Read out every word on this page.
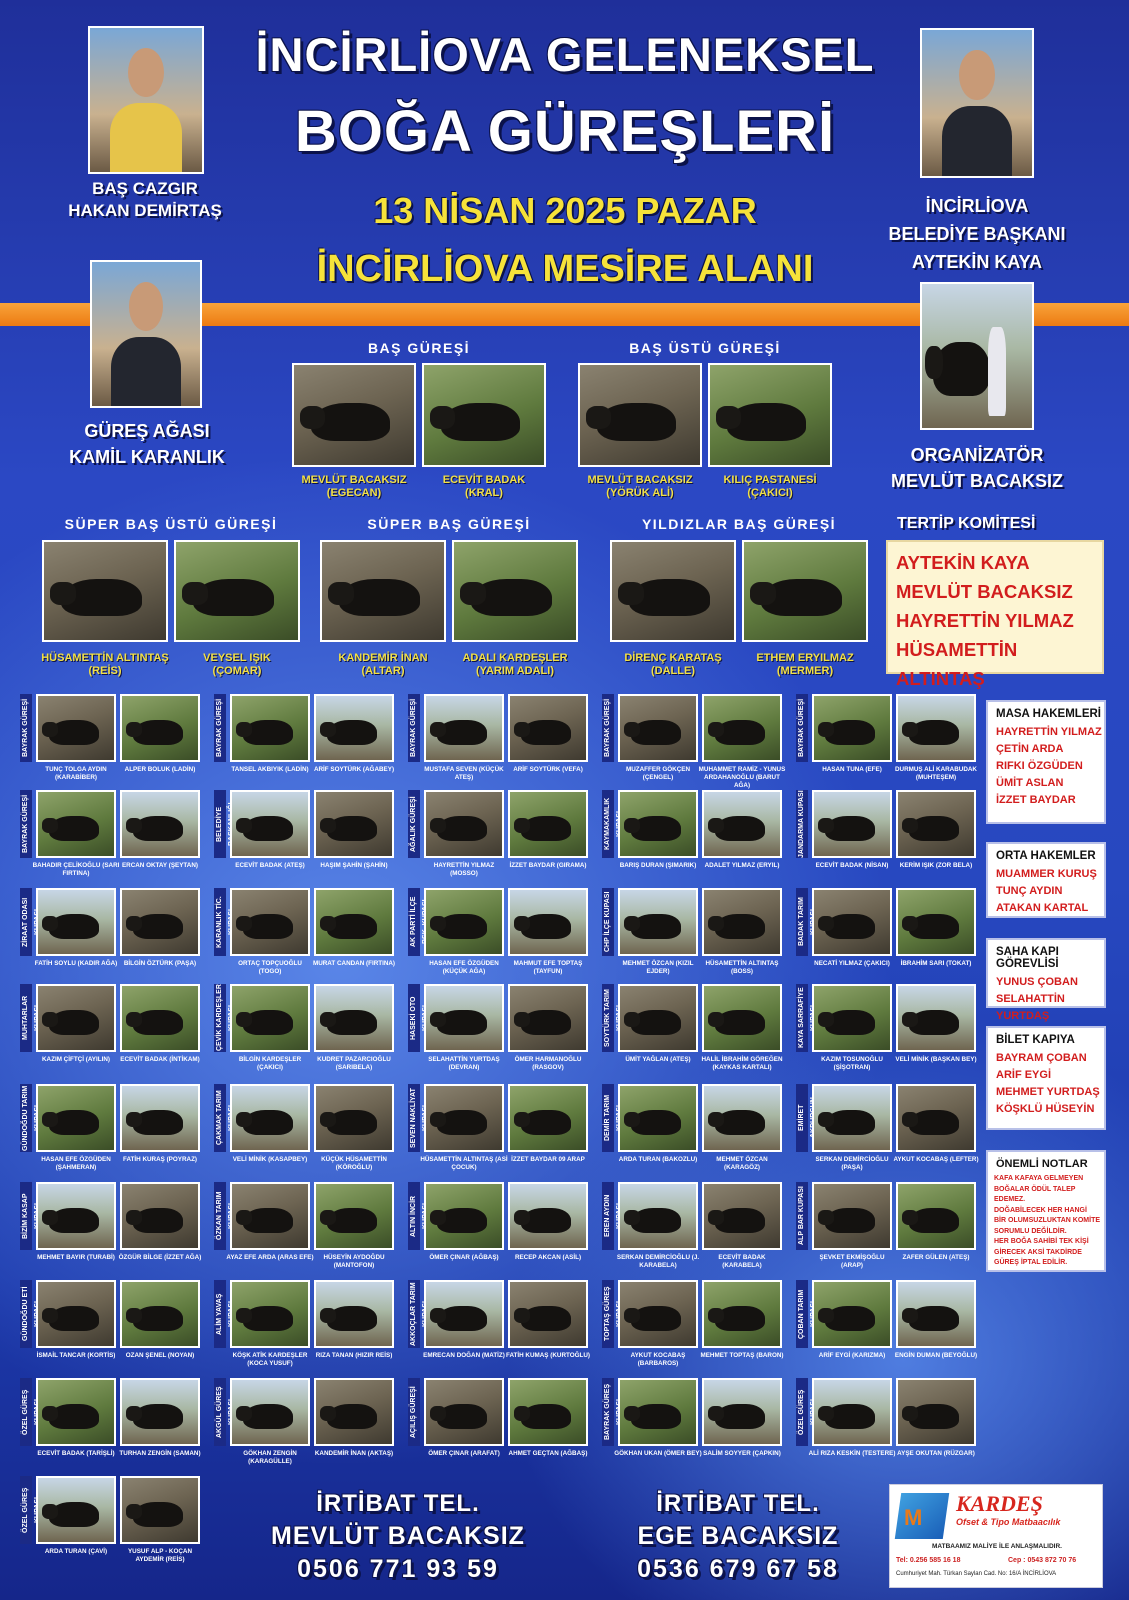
İNCİRLİOVA GELENEKSEL
BOĞA GÜREŞLERİ
13 NİSAN 2025 PAZAR
İNCİRLİOVA MESİRE ALANI
BAŞ CAZGIR
HAKAN DEMİRTAŞ	İNCİRLİOVA
BELEDİYE BAŞKANI
AYTEKİN KAYA
GÜREŞ AĞASI
KAMİL KARANLIK	ORGANİZATÖR
MEVLÜT BACAKSIZ
BAŞ GÜREŞİ
MEVLÜT BACAKSIZ
(EGECAN)
ECEVİT BADAK
(KRAL)
BAŞ ÜSTÜ GÜREŞİ
MEVLÜT BACAKSIZ
(YÖRÜK ALİ)
KILIÇ PASTANESİ
(ÇAKICI)
SÜPER BAŞ ÜSTÜ GÜREŞİ
HÜSAMETTİN ALTINTAŞ
(REİS)
VEYSEL IŞIK
(ÇOMAR)
SÜPER BAŞ GÜREŞİ
KANDEMİR İNAN
(ALTAR)
ADALI KARDEŞLER
(YARIM ADALI)
YILDIZLAR BAŞ GÜREŞİ
DİRENÇ KARATAŞ
(DALLE)
ETHEM ERYILMAZ
(MERMER)
TERTİP KOMİTESİ
AYTEKİN KAYA
MEVLÜT BACAKSIZ
HAYRETTİN YILMAZ
HÜSAMETTİN ALTINTAŞ
BAYRAK GÜREŞİ
TUNÇ TOLGA AYDIN (KARABİBER)
ALPER BOLUK (LADİN)
BAYRAK GÜREŞİ
TANSEL AKBIYIK (LADİN) ARİF SOYTÜRK (AĞABEY)
BAYRAK GÜREŞİ
MUSTAFA SEVEN (KÜÇÜK ATEŞ)
ARİF SOYTÜRK (VEFA)
BAYRAK GÜREŞİ
MUZAFFER GÖKÇEN (ÇENGEL)
MUHAMMET RAMİZ - YUNUS ARDAHANOĞLU (BARUT AĞA)
BAYRAK GÜREŞİ
HASAN TUNA (EFE)	DURMUŞ ALİ KARABUDAK (MUHTEŞEM)
BAYRAK GÜREŞİ
BAHADIR ÇELİKOĞLU (SARI FIRTINA)
ERCAN OKTAY (ŞEYTAN)
BELEDİYE
ECEVİT BADAK (ATEŞ)	HAŞIM ŞAHİN (ŞAHİN)
AĞALIK GÜREŞİ
HAYRETTİN YILMAZ (MOSSO)
İZZET BAYDAR (GIRAMA)
KAYMAKAMLIK
BARIŞ DURAN (ŞIMARIK)	ADALET YILMAZ (ERYIL)
JANDARMA KUPASI
ECEVİT BADAK (NİSAN)	KERİM IŞIK (ZOR BELA)
ZİRAAT ODASI
FATİH SOYLU (KADIR AĞA)	BİLGİN ÖZTÜRK (PAŞA)
KARANLIK TİC.
ORTAÇ TOPÇUOĞLU (TOGO)
MURAT CANDAN (FIRTINA)
AK PARTİ İLÇE
HASAN EFE ÖZGÜDEN (KÜÇÜK AĞA)
MAHMUT EFE TOPTAŞ (TAYFUN)
CHP İLÇE KUPASI
MEHMET ÖZCAN (KIZIL EJDER)
HÜSAMETTİN ALTINTAŞ (BOSS)
BADAK TARIM
NECATİ YILMAZ (ÇAKICI)	İBRAHİM SARI (TOKAT)
MUHTARLAR
KAZIM ÇİFTÇİ (AYILIN)	ECEVİT BADAK (İNTİKAM)
ÇEVİK KARDEŞLER
BİLGİN KARDEŞLER (ÇAKICI)
KUDRET PAZARCIOĞLU (SARIBELA)
HASEKİ OTO
SELAHATTİN YURTDAŞ (DEVRAN)
ÖMER HARMANOĞLU (RASGOV)
SOYTÜRK TARIM
ÜMİT YAĞLAN (ATEŞ)	HALİL İBRAHİM GÖREĞEN (KAYKAS KARTALI)
KAYA SARRAFİYE
KAZIM TOSUNOĞLU (ŞİŞOTRAN)
VELİ MİNİK (BAŞKAN BEY)
GÜNDOĞDU TARIM
HASAN EFE ÖZGÜDEN (ŞAHMERAN)
FATİH KURAŞ (POYRAZ)
ÇAKMAK TARIM
VELİ MİNİK (KASAPBEY)	KÜÇÜK HÜSAMETTİN (KÖROĞLU)
SEVEN NAKLİYAT
HÜSAMETTİN ALTINTAŞ (ASİ ÇOCUK)
İZZET BAYDAR 09 ARAP
DEMİR TARIM
ARDA TURAN (BAKOZLU)	MEHMET ÖZCAN (KARAGÖZ)
EMİRET
SERKAN DEMİRCİOĞLU (PAŞA)
AYKUT KOCABAŞ (LEFTER)
BİZİM KASAP
MEHMET BAYIR (TURABİ) ÖZGÜR BİLGE (İZZET AĞA)
ÖZKAN TARIM
AYAZ EFE ARDA (ARAS EFE)	HÜSEYİN AYDOĞDU (MANTOFON)
ALTIN İNCİR
ÖMER ÇINAR (AĞBAŞ)	RECEP AKCAN (ASİL)
EREN AYDIN
SERKAN DEMİRCİOĞLU (J. KARABELA)
ECEVİT BADAK (KARABELA)
ALP BAR KUPASI
ŞEVKET EKMİŞOĞLU (ARAP)
ZAFER GÜLEN (ATEŞ)
GÜNDOĞDU ETİ
İSMAİL TANCAR (KORTİS)	OZAN ŞENEL (NOYAN)
ALİM YAVAŞ
KÖŞK ATİK KARDEŞLER (KOCA YUSUF)
RIZA TANAN (HIZIR REİS)
AKKOÇLAR TARIM
EMRECAN DOĞAN (MATİZ) FATİH KUMAŞ (KURTOĞLU)
TOPTAŞ GÜREŞ
AYKUT KOCABAŞ (BARBAROS)
MEHMET TOPTAŞ (BARON)
ÇOBAN TARIM
ARİF EYGİ (KARIZMA)	ENGİN DUMAN (BEYOĞLU)
ÖZEL GÜREŞ
ECEVİT BADAK (TARİŞLİ) TURHAN ZENGİN (SAMAN)
AKGÜL GÜREŞ
GÖKHAN ZENGİN (KARAGÜLLE)
KANDEMİR İNAN (AKTAŞ)
AÇILIŞ GÜREŞİ
ÖMER ÇINAR (ARAFAT)	AHMET GEÇTAN (AĞBAŞ)
BAYRAK GÜREŞ
GÖKHAN UKAN (ÖMER BEY) SALİM SOYYER (ÇAPKIN)
ÖZEL GÜREŞ
ALİ RIZA KESKİN (TESTERE) AYŞE OKUTAN (RÜZGAR)
ÖZEL GÜREŞ
ARDA TURAN (ÇAVİ)	YUSUF ALP - KOÇAN AYDEMİR (REİS)
MASA HAKEMLERİ

HAYRETTİN YILMAZ

ÇETİN ARDA

RIFKI ÖZGÜDEN

ÜMİT ASLAN

İZZET BAYDAR

ORTA HAKEMLER

MUAMMER KURUŞ

TUNÇ AYDIN

ATAKAN KARTAL

SAHA KAPI GÖREVLİSİ

YUNUS ÇOBAN

SELAHATTİN YURTDAŞ

BİLET KAPIYA

BAYRAM ÇOBAN

ARİF EYGİ

MEHMET YURTDAŞ

KÖŞKLÜ HÜSEYİN

ÖNEMLİ NOTLAR
KAFA KAFAYA GELMEYEN
BOĞALAR ÖDÜL TALEP EDEMEZ.
DOĞABİLECEK HER HANGİ
BİR OLUMSUZLUKTAN KOMİTE
SORUMLU DEĞİLDİR.
HER BOĞA SAHİBİ TEK KİŞİ
GİRECEK AKSİ TAKDİRDE
GÜREŞ İPTAL EDİLİR.
İRTİBAT TEL.
MEVLÜT BACAKSIZ
0506 771 93 59
İRTİBAT TEL.
EGE BACAKSIZ
0536 679 67 58
M
KARDEŞ
Ofset & Tipo Matbaacılık
MATBAAMIZ MALİYE İLE ANLAŞMALIDIR.
Tel: 0.256 585 16 18	Cep : 0543 872 70 76
Cumhuriyet Mah. Türkan Saylan Cad. No: 16/A İNCİRLİOVA
